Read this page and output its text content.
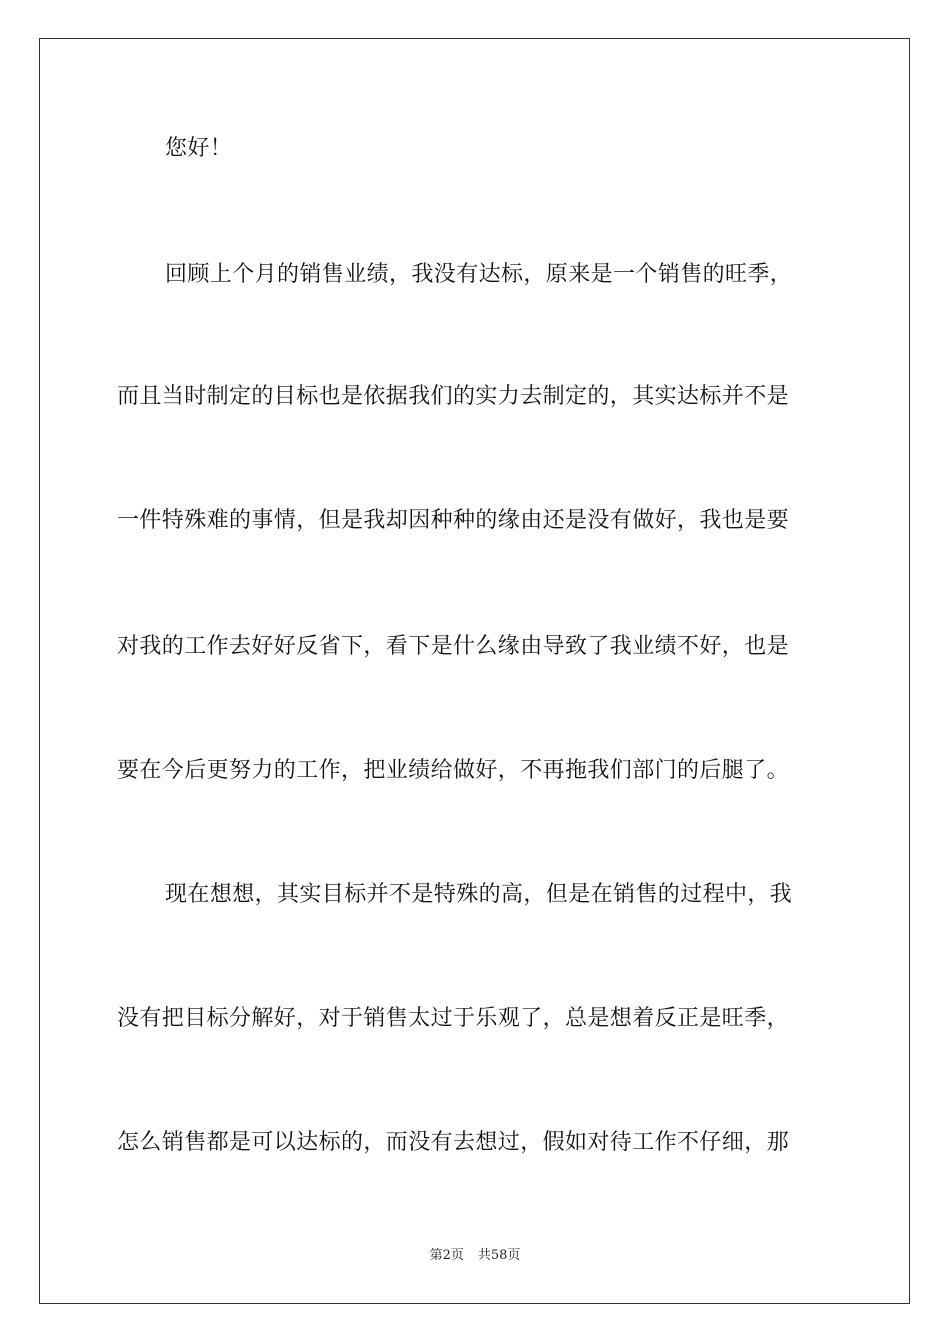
您好！
回顾上个月的销售业绩，我没有达标，原来是一个销售的旺季，
而且当时制定的目标也是依据我们的实力去制定的，其实达标并不是
一件特殊难的事情，但是我却因种种的缘由还是没有做好，我也是要
对我的工作去好好反省下，看下是什么缘由导致了我业绩不好，也是
要在今后更努力的工作，把业绩给做好，不再拖我们部门的后腿了。
现在想想，其实目标并不是特殊的高，但是在销售的过程中，我
没有把目标分解好，对于销售太过于乐观了，总是想着反正是旺季，
怎么销售都是可以达标的，而没有去想过，假如对待工作不仔细，那
第2页 共58页
